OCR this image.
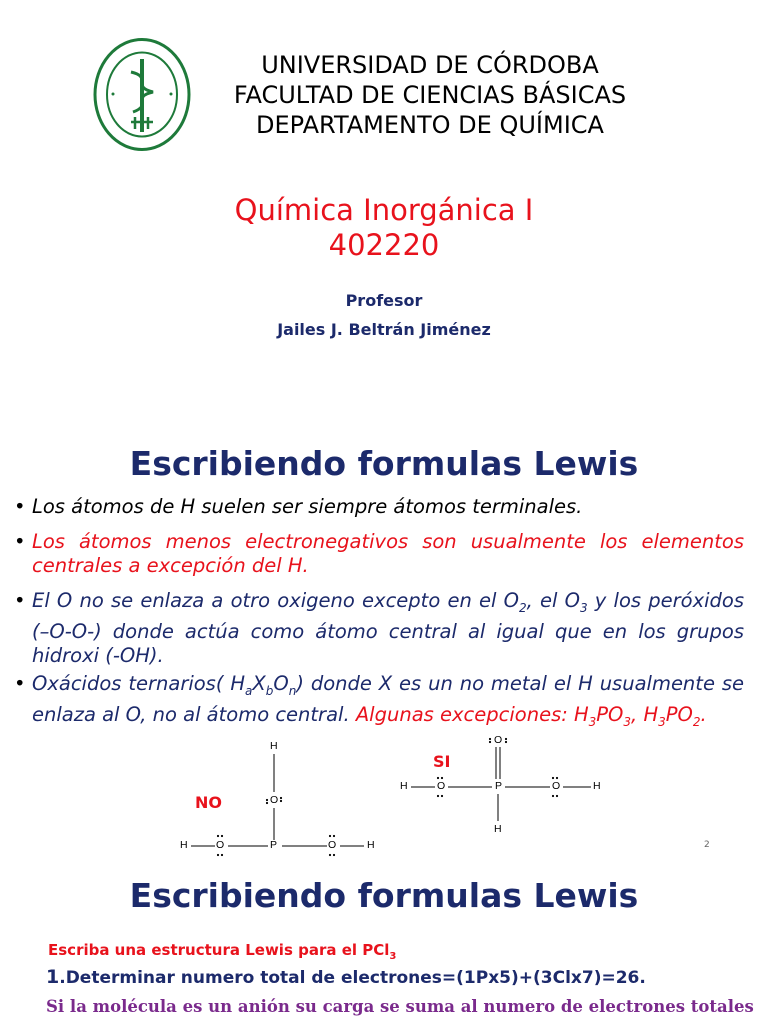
UNIVERSIDAD DE CÓRDOBA
FACULTAD DE CIENCIAS BÁSICAS
DEPARTAMENTO DE QUÍMICA
Química Inorgánica I
402220
Profesor
Jailes J. Beltrán Jiménez
Escribiendo formulas Lewis
• Los átomos de H suelen ser siempre átomos terminales.
• Los átomos menos electronegativos son usualmente los elementos centrales a excepción del H.
• El O no se enlaza a otro oxigeno excepto en el $O_2$, el $O_3$ y los peróxidos (–O-O-) donde actúa como átomo central al igual que en los grupos hidroxi (-OH).
• Oxácidos ternarios( $H_aX_bO_n$) donde X es un no metal el H usualmente se enlaza al O, no al átomo central. Algunas excepciones: $H_3PO_3$, $H_3PO_2$.
NO
SI
H
O
H	O	P	O	H
O
H	O	P	O	H
H
2
Escribiendo formulas Lewis
Escriba una estructura Lewis para el PCl$_3$
1.Determinar numero total de electrones=(1Px5)+(3Clx7)=26.
Si la molécula es un anión su carga se suma al numero de electrones totales
